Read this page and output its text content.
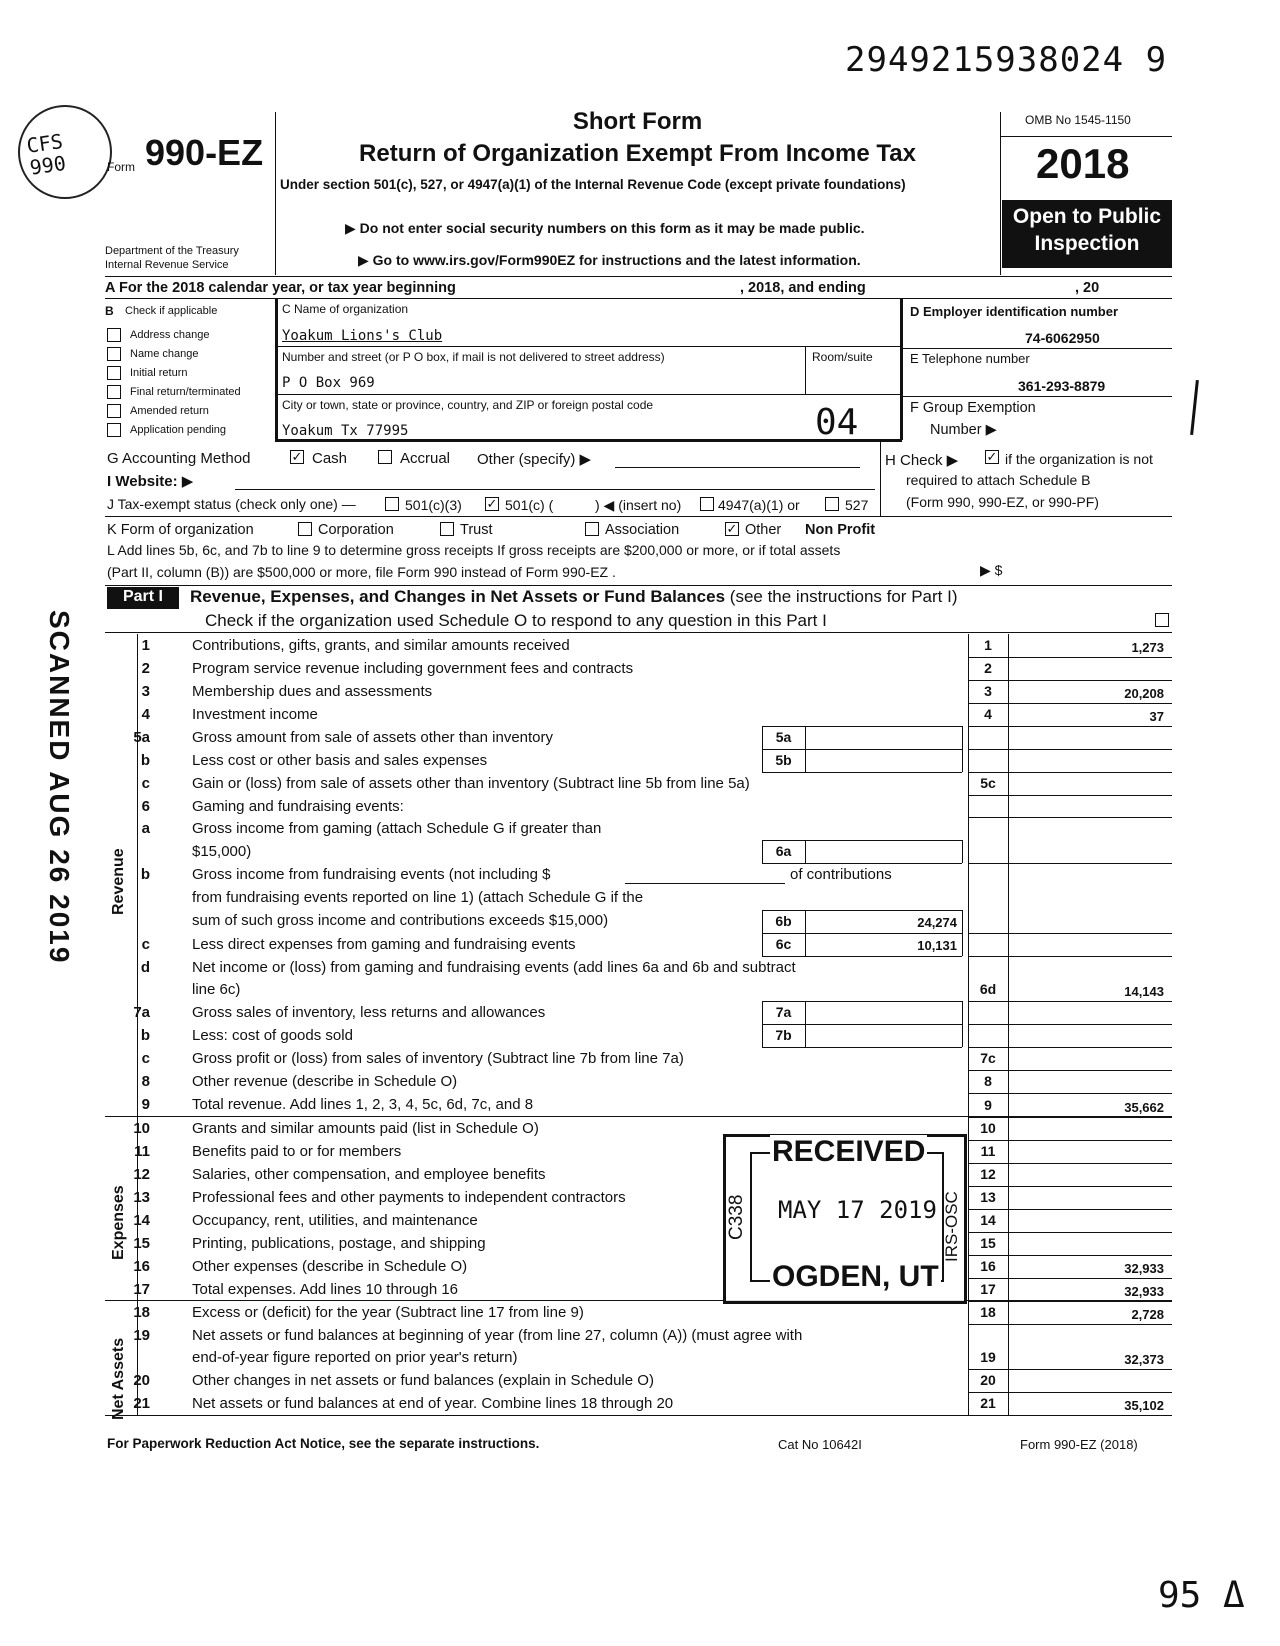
2949215938024 9
CFS 990	Form 990-EZ
Department of the Treasury
Internal Revenue Service
Short Form
Return of Organization Exempt From Income Tax
Under section 501(c), 527, or 4947(a)(1) of the Internal Revenue Code (except private foundations)
▶ Do not enter social security numbers on this form as it may be made public.
▶ Go to www.irs.gov/Form990EZ for instructions and the latest information.
OMB No 1545-1150
2018
Open to Public
Inspection
A For the 2018 calendar year, or tax year beginning	, 2018, and ending	, 20
B Check if applicable
Address change
Name change
Initial return
Final return/terminated
Amended return
Application pending
C Name of organization
Yoakum Lions's Club
Number and street (or P O box, if mail is not delivered to street address)	Room/suite
P O Box 969
City or town, state or province, country, and ZIP or foreign postal code
Yoakum Tx 77995	04
D Employer identification number
74-6062950
E Telephone number
361-293-8879
F Group Exemption
Number ▶
G Accounting Method	✓ Cash	Accrual Other (specify) ▶	H Check ▶ ✓ if the organization is not
required to attach Schedule B
(Form 990, 990-EZ, or 990-PF)
I Website: ▶
J Tax-exempt status (check only one) —	501(c)(3) ✓ 501(c) (	) ◀ (insert no)	4947(a)(1) or	527
K Form of organization	Corporation	Trust	Association	✓ Other Non Profit
L Add lines 5b, 6c, and 7b to line 9 to determine gross receipts If gross receipts are $200,000 or more, or if total assets
(Part II, column (B)) are $500,000 or more, file Form 990 instead of Form 990-EZ .	▶ $
Part I	Revenue, Expenses, and Changes in Net Assets or Fund Balances (see the instructions for Part I)
Check if the organization used Schedule O to respond to any question in this Part I
1	Contributions, gifts, grants, and similar amounts received	1	1,273
2	Program service revenue including government fees and contracts	2
3	Membership dues and assessments	3	20,208
4	Investment income	4	37
5a	Gross amount from sale of assets other than inventory	5a
b	Less cost or other basis and sales expenses	5b
c	Gain or (loss) from sale of assets other than inventory (Subtract line 5b from line 5a)	5c
6	Gaming and fundraising events:
a	Gross income from gaming (attach Schedule G if greater than
$15,000)	6a
b	Gross income from fundraising events (not including $	of contributions
from fundraising events reported on line 1) (attach Schedule G if the
sum of such gross income and contributions exceeds $15,000)	6b	24,274
c	Less direct expenses from gaming and fundraising events	6c	10,131
d	Net income or (loss) from gaming and fundraising events (add lines 6a and 6b and subtract
line 6c)	6d	14,143
7a	Gross sales of inventory, less returns and allowances	7a
b	Less: cost of goods sold	7b
c	Gross profit or (loss) from sales of inventory (Subtract line 7b from line 7a)	7c
8	Other revenue (describe in Schedule O)	8
9	Total revenue. Add lines 1, 2, 3, 4, 5c, 6d, 7c, and 8	9	35,662
10	Grants and similar amounts paid (list in Schedule O)	10
11	Benefits paid to or for members	11
12	Salaries, other compensation, and employee benefits	12
13	Professional fees and other payments to independent contractors	13
14	Occupancy, rent, utilities, and maintenance	14
15	Printing, publications, postage, and shipping	15
16	Other expenses (describe in Schedule O)	16	32,933
17	Total expenses. Add lines 10 through 16	17	32,933
18	Excess or (deficit) for the year (Subtract line 17 from line 9)	18	2,728
19	Net assets or fund balances at beginning of year (from line 27, column (A)) (must agree with
end-of-year figure reported on prior year's return)	19	32,373
20	Other changes in net assets or fund balances (explain in Schedule O)	20
21	Net assets or fund balances at end of year. Combine lines 18 through 20	21	35,102
Revenue
Expenses
Net Assets
SCANNED AUG 26 2019
RECEIVED
MAY 17 2019
OGDEN, UT
C338	IRS-OSC
For Paperwork Reduction Act Notice, see the separate instructions.	Cat No 10642I	Form 990-EZ (2018)
95 Δ
